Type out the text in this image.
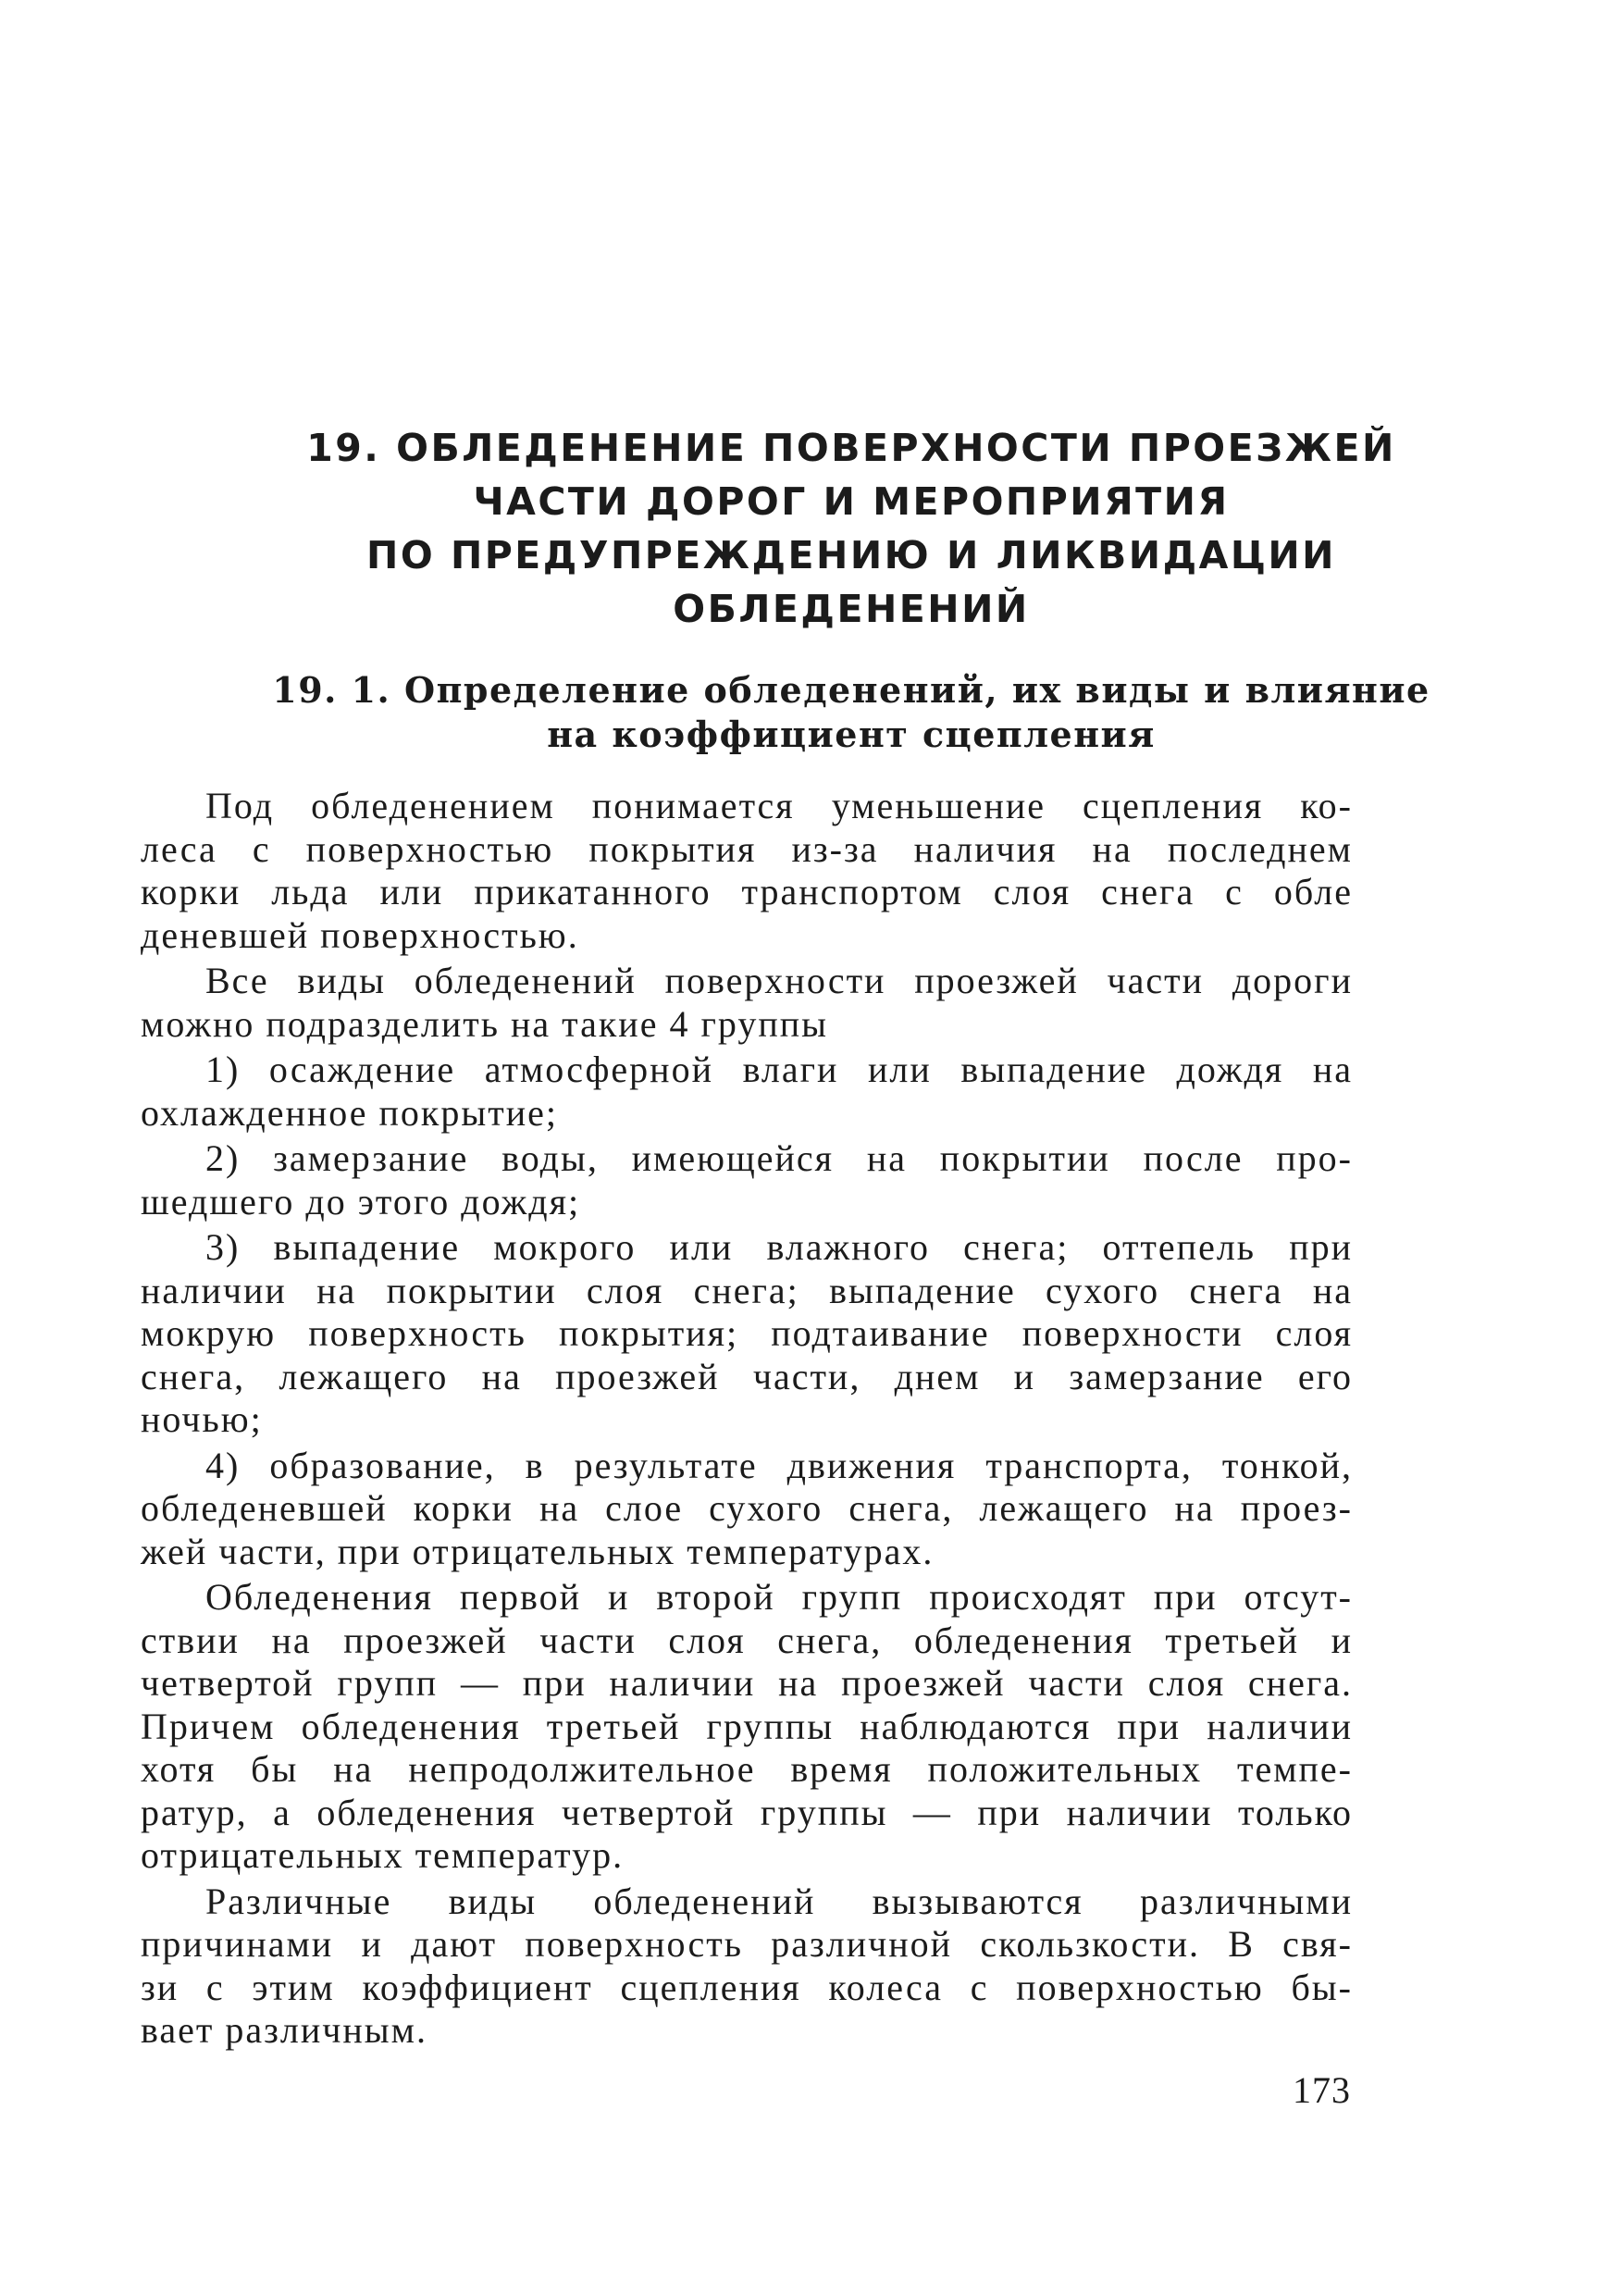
19. ОБЛЕДЕНЕНИЕ ПОВЕРХНОСТИ ПРОЕЗЖЕЙ
ЧАСТИ ДОРОГ И МЕРОПРИЯТИЯ
ПО ПРЕДУПРЕЖДЕНИЮ И ЛИКВИДАЦИИ
ОБЛЕДЕНЕНИЙ
19. 1. Определение обледенений, их виды и влияние
на коэффициент сцепления

Под обледенением понимается уменьшение сцепления ко-
леса с поверхностью покрытия из-за наличия на последнем
корки льда или прикатанного транспортом слоя снега с обле
деневшей поверхностью.

Все виды обледенений поверхности проезжей части дороги
можно подразделить на такие 4 группы

1) осаждение атмосферной влаги или выпадение дождя на
охлажденное покрытие;

2) замерзание воды, имеющейся на покрытии после про-
шедшего до этого дождя;

3) выпадение мокрого или влажного снега; оттепель при
наличии на покрытии слоя снега; выпадение сухого снега на
мокрую поверхность покрытия; подтаивание поверхности слоя
снега, лежащего на проезжей части, днем и замерзание его
ночью;

4) образование, в результате движения транспорта, тонкой,
обледеневшей корки на слое сухого снега, лежащего на проез-
жей части, при отрицательных температурах.

Обледенения первой и второй групп происходят при отсут-
ствии на проезжей части слоя снега, обледенения третьей и
четвертой групп — при наличии на проезжей части слоя снега.
Причем обледенения третьей группы наблюдаются при наличии
хотя бы на непродолжительное время положительных темпе-
ратур, а обледенения четвертой группы — при наличии только
отрицательных температур.

Различные виды обледенений вызываются различными
причинами и дают поверхность различной скользкости. В свя-
зи с этим коэффициент сцепления колеса с поверхностью бы-
вает различным.

173
